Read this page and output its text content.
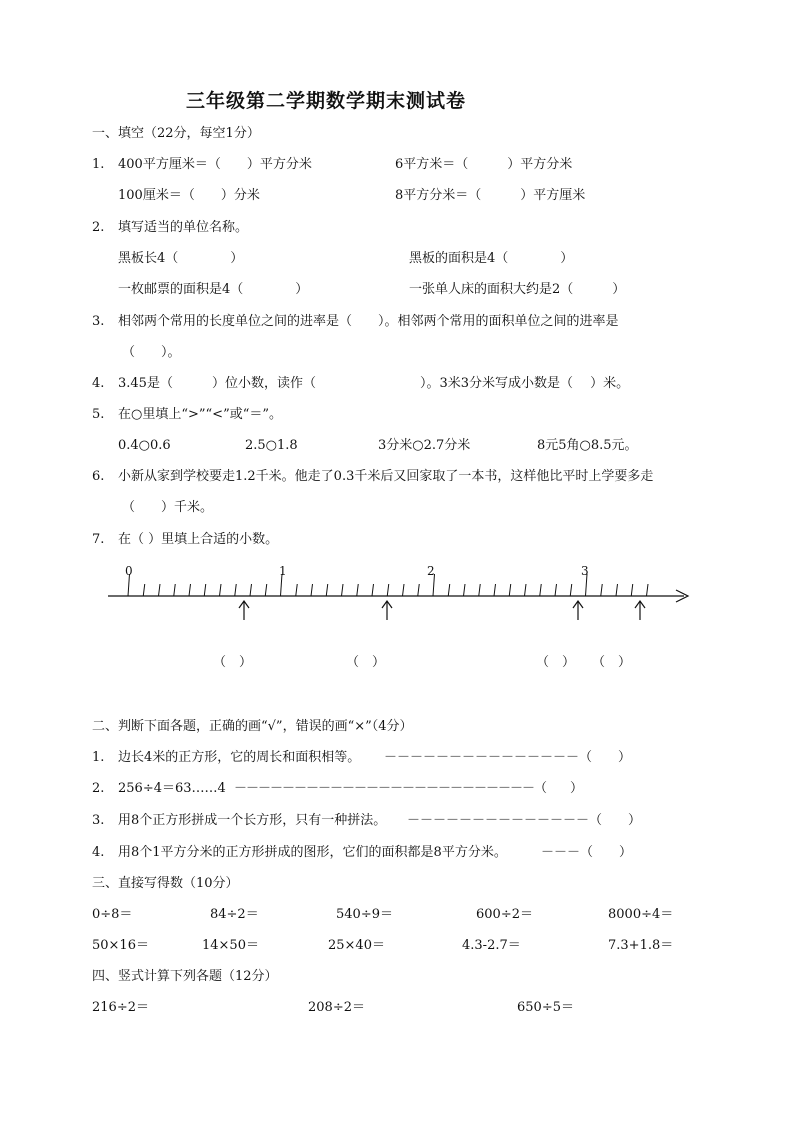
三年级第二学期数学期末测试卷
一、填空（22分，每空1分）
1. 400平方厘米＝（　　）平方分米	6平方米＝（　　　）平方分米
100厘米＝（　　）分米	8平方分米＝（　　　）平方厘米
2. 填写适当的单位名称。
黑板长4（　　　　）	黑板的面积是4（　　　　）
一枚邮票的面积是4（　　　　）	一张单人床的面积大约是2（　　　）
3. 相邻两个常用的长度单位之间的进率是（　　）。相邻两个常用的面积单位之间的进率是
（　　）。
4. 3.45是（　　　）位小数，读作（　　　　　　　　）。3米3分米写成小数是（　 ）米。
5. 在○里填上“>”“<”或“＝”。
0.4○0.6	2.5○1.8	3分米○2.7分米	8元5角○8.5元。
6. 小新从家到学校要走1.2千米。他走了0.3千米后又回家取了一本书，这样他比平时上学要多走
（　　）千米。
7. 在（ ）里填上合适的小数。
0	1	2	3
（　）	（　）	（　） （　）
二、判断下面各题，正确的画“√”，错误的画“×”（4分）
1. 边长4米的正方形，它的周长和面积相等。 －－－－－－－－－－－－－－－（　　）
2. 256÷4＝63……4 －－－－－－－－－－－－－－－－－－－－－－－－－（　　）
3. 用8个正方形拼成一个长方形，只有一种拼法。 －－－－－－－－－－－－－－（　　）
4. 用8个1平方分米的正方形拼成的图形，它们的面积都是8平方分米。	－－－（　　）
三、直接写得数（10分）
0÷8＝	84÷2＝	540÷9＝	600÷2＝	8000÷4＝
50×16＝	14×50＝	25×40＝	4.3-2.7＝	7.3+1.8＝
四、竖式计算下列各题（12分）
216÷2＝	208÷2＝	650÷5＝
